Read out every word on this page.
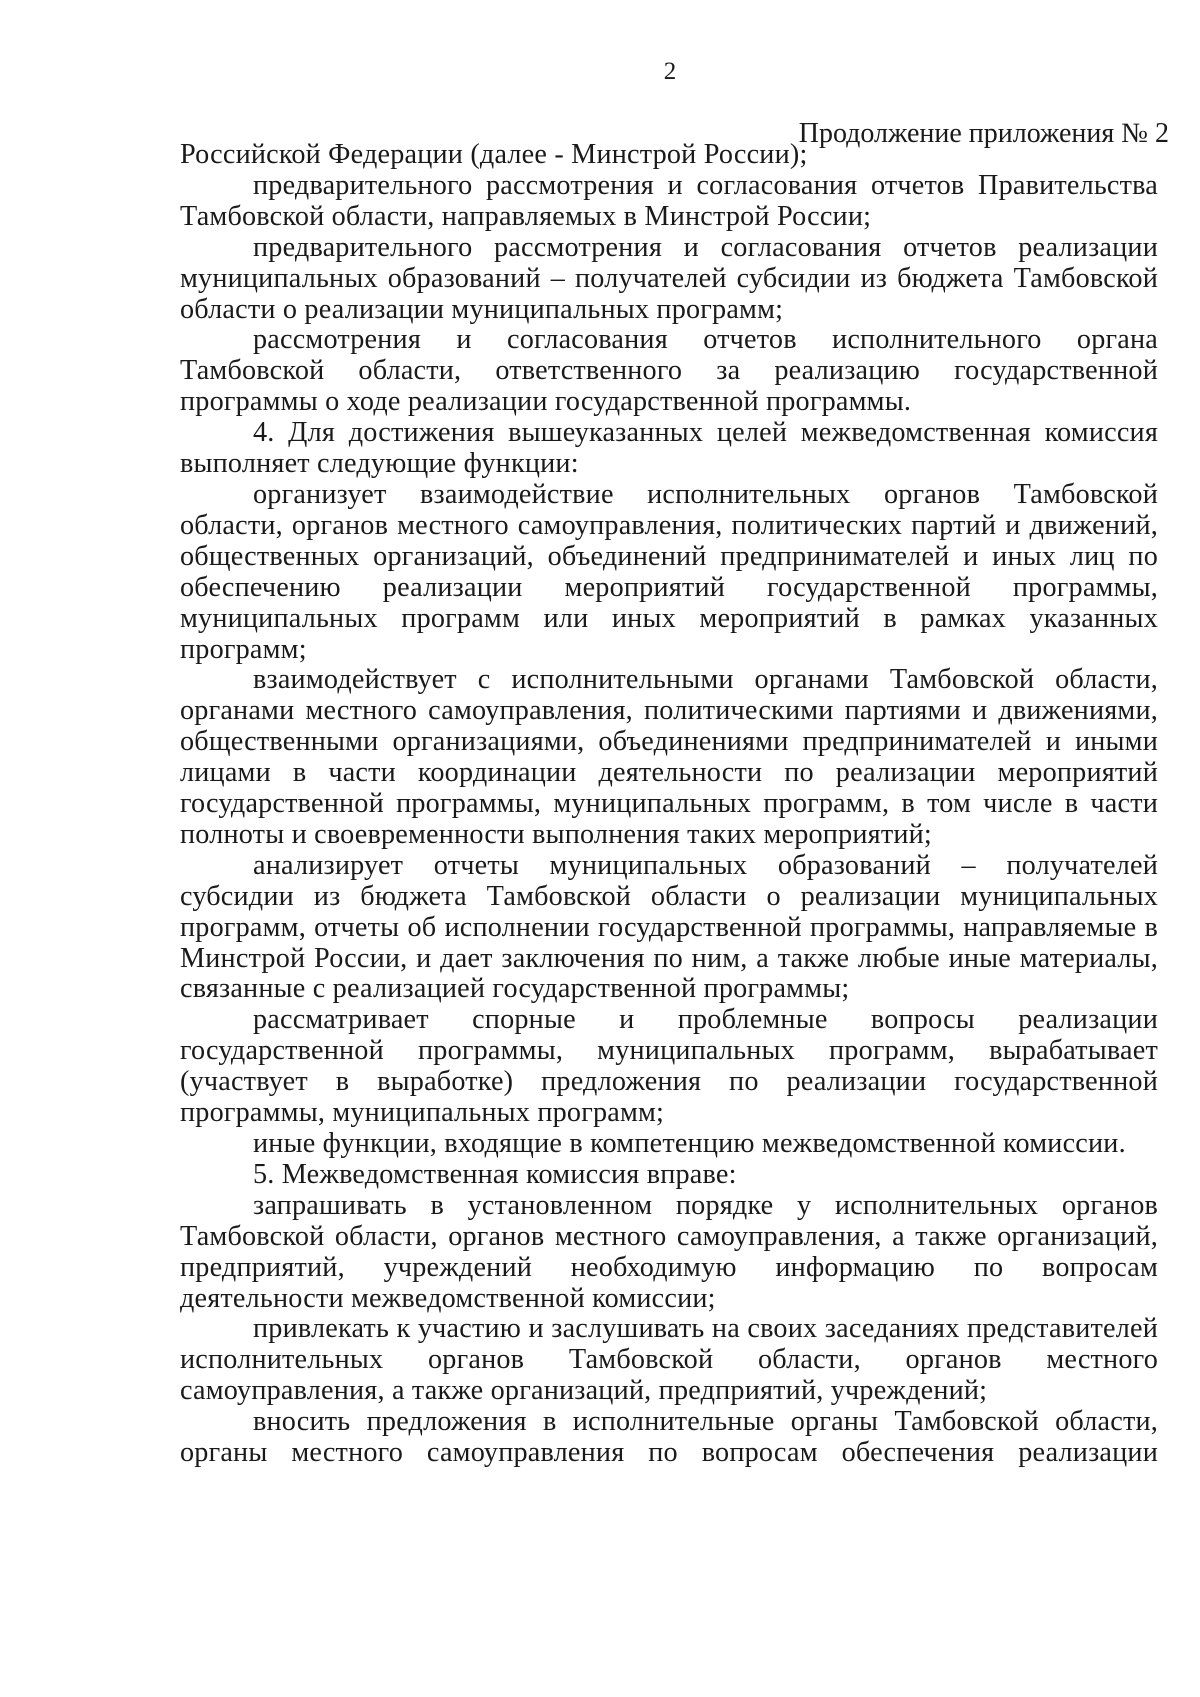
2
Продолжение приложения № 2

Российской Федерации (далее - Минстрой России);

предварительного рассмотрения и согласования отчетов Правительства Тамбовской области, направляемых в Минстрой России;

предварительного рассмотрения и согласования отчетов реализации муниципальных образований – получателей субсидии из бюджета Тамбовской области о реализации муниципальных программ;

рассмотрения и согласования отчетов исполнительного органа Тамбовской области, ответственного за реализацию государственной программы о ходе реализации государственной программы.

4. Для достижения вышеуказанных целей межведомственная комиссия выполняет следующие функции:

организует взаимодействие исполнительных органов Тамбовской области, органов местного самоуправления, политических партий и движений, общественных организаций, объединений предпринимателей и иных лиц по обеспечению реализации мероприятий государственной программы, муниципальных программ или иных мероприятий в рамках указанных программ;

взаимодействует с исполнительными органами Тамбовской области, органами местного самоуправления, политическими партиями и движениями, общественными организациями, объединениями предпринимателей и иными лицами в части координации деятельности по реализации мероприятий государственной программы, муниципальных программ, в том числе в части полноты и своевременности выполнения таких мероприятий;

анализирует отчеты муниципальных образований – получателей субсидии из бюджета Тамбовской области о реализации муниципальных программ, отчеты об исполнении государственной программы, направляемые в Минстрой России, и дает заключения по ним, а также любые иные материалы, связанные с реализацией государственной программы;

рассматривает спорные и проблемные вопросы реализации государственной программы, муниципальных программ, вырабатывает (участвует в выработке) предложения по реализации государственной программы, муниципальных программ;

иные функции, входящие в компетенцию межведомственной комиссии.

5. Межведомственная комиссия вправе:

запрашивать в установленном порядке у исполнительных органов Тамбовской области, органов местного самоуправления, а также организаций, предприятий, учреждений необходимую информацию по вопросам деятельности межведомственной комиссии;

привлекать к участию и заслушивать на своих заседаниях представителей исполнительных органов Тамбовской области, органов местного самоуправления, а также организаций, предприятий, учреждений;

вносить предложения в исполнительные органы Тамбовской области, органы местного самоуправления по вопросам обеспечения реализации
